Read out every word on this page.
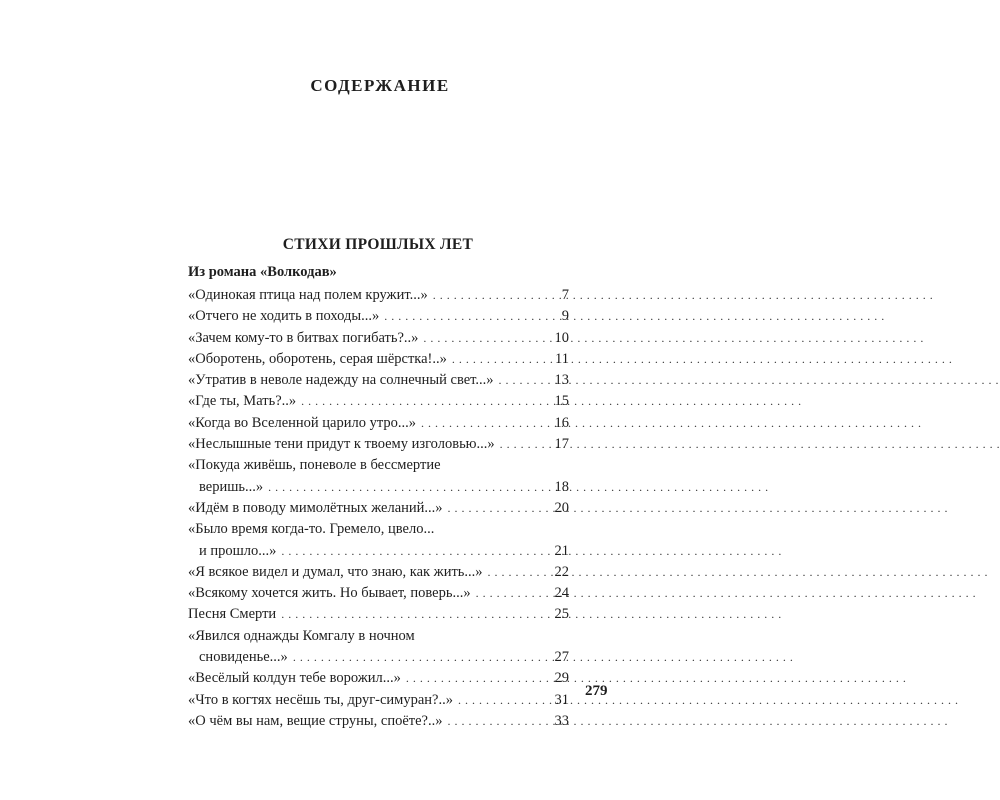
СОДЕРЖАНИЕ
СТИХИ ПРОШЛЫХ ЛЕТ
Из романа «Волкодав»
«Одинокая птица над полем кружит...» . . .	7
«Отчего не ходить в походы...» . . .	9
«Зачем кому-то в битвах погибать?..» . . .	10
«Оборотень, оборотень, серая шёрстка!..» . . .	11
«Утратив в неволе надежду на солнечный свет...» . . .	13
«Где ты, Мать?..» . . .	15
«Когда во Вселенной царило утро...» . . .	16
«Неслышные тени придут к твоему изголовью...» . . .	17
«Покуда живёшь, поневоле в бессмертие
веришь...» . . .	18
«Идём в поводу мимолётных желаний...» . . .	20
«Было время когда-то. Гремело, цвело...
и прошло...» . . .	21
«Я всякое видел и думал, что знаю, как жить...» . . .	22
«Всякому хочется жить. Но бывает, поверь...» . . .	24
Песня Смерти . . .	25
«Явился однажды Комгалу в ночном
сновиденье...» . . .	27
«Весёлый колдун тебе ворожил...» . . .	29
«Что в когтях несёшь ты, друг-симуран?..» . . .	31
«О чём вы нам, вещие струны, споёте?..» . . .	33
279
